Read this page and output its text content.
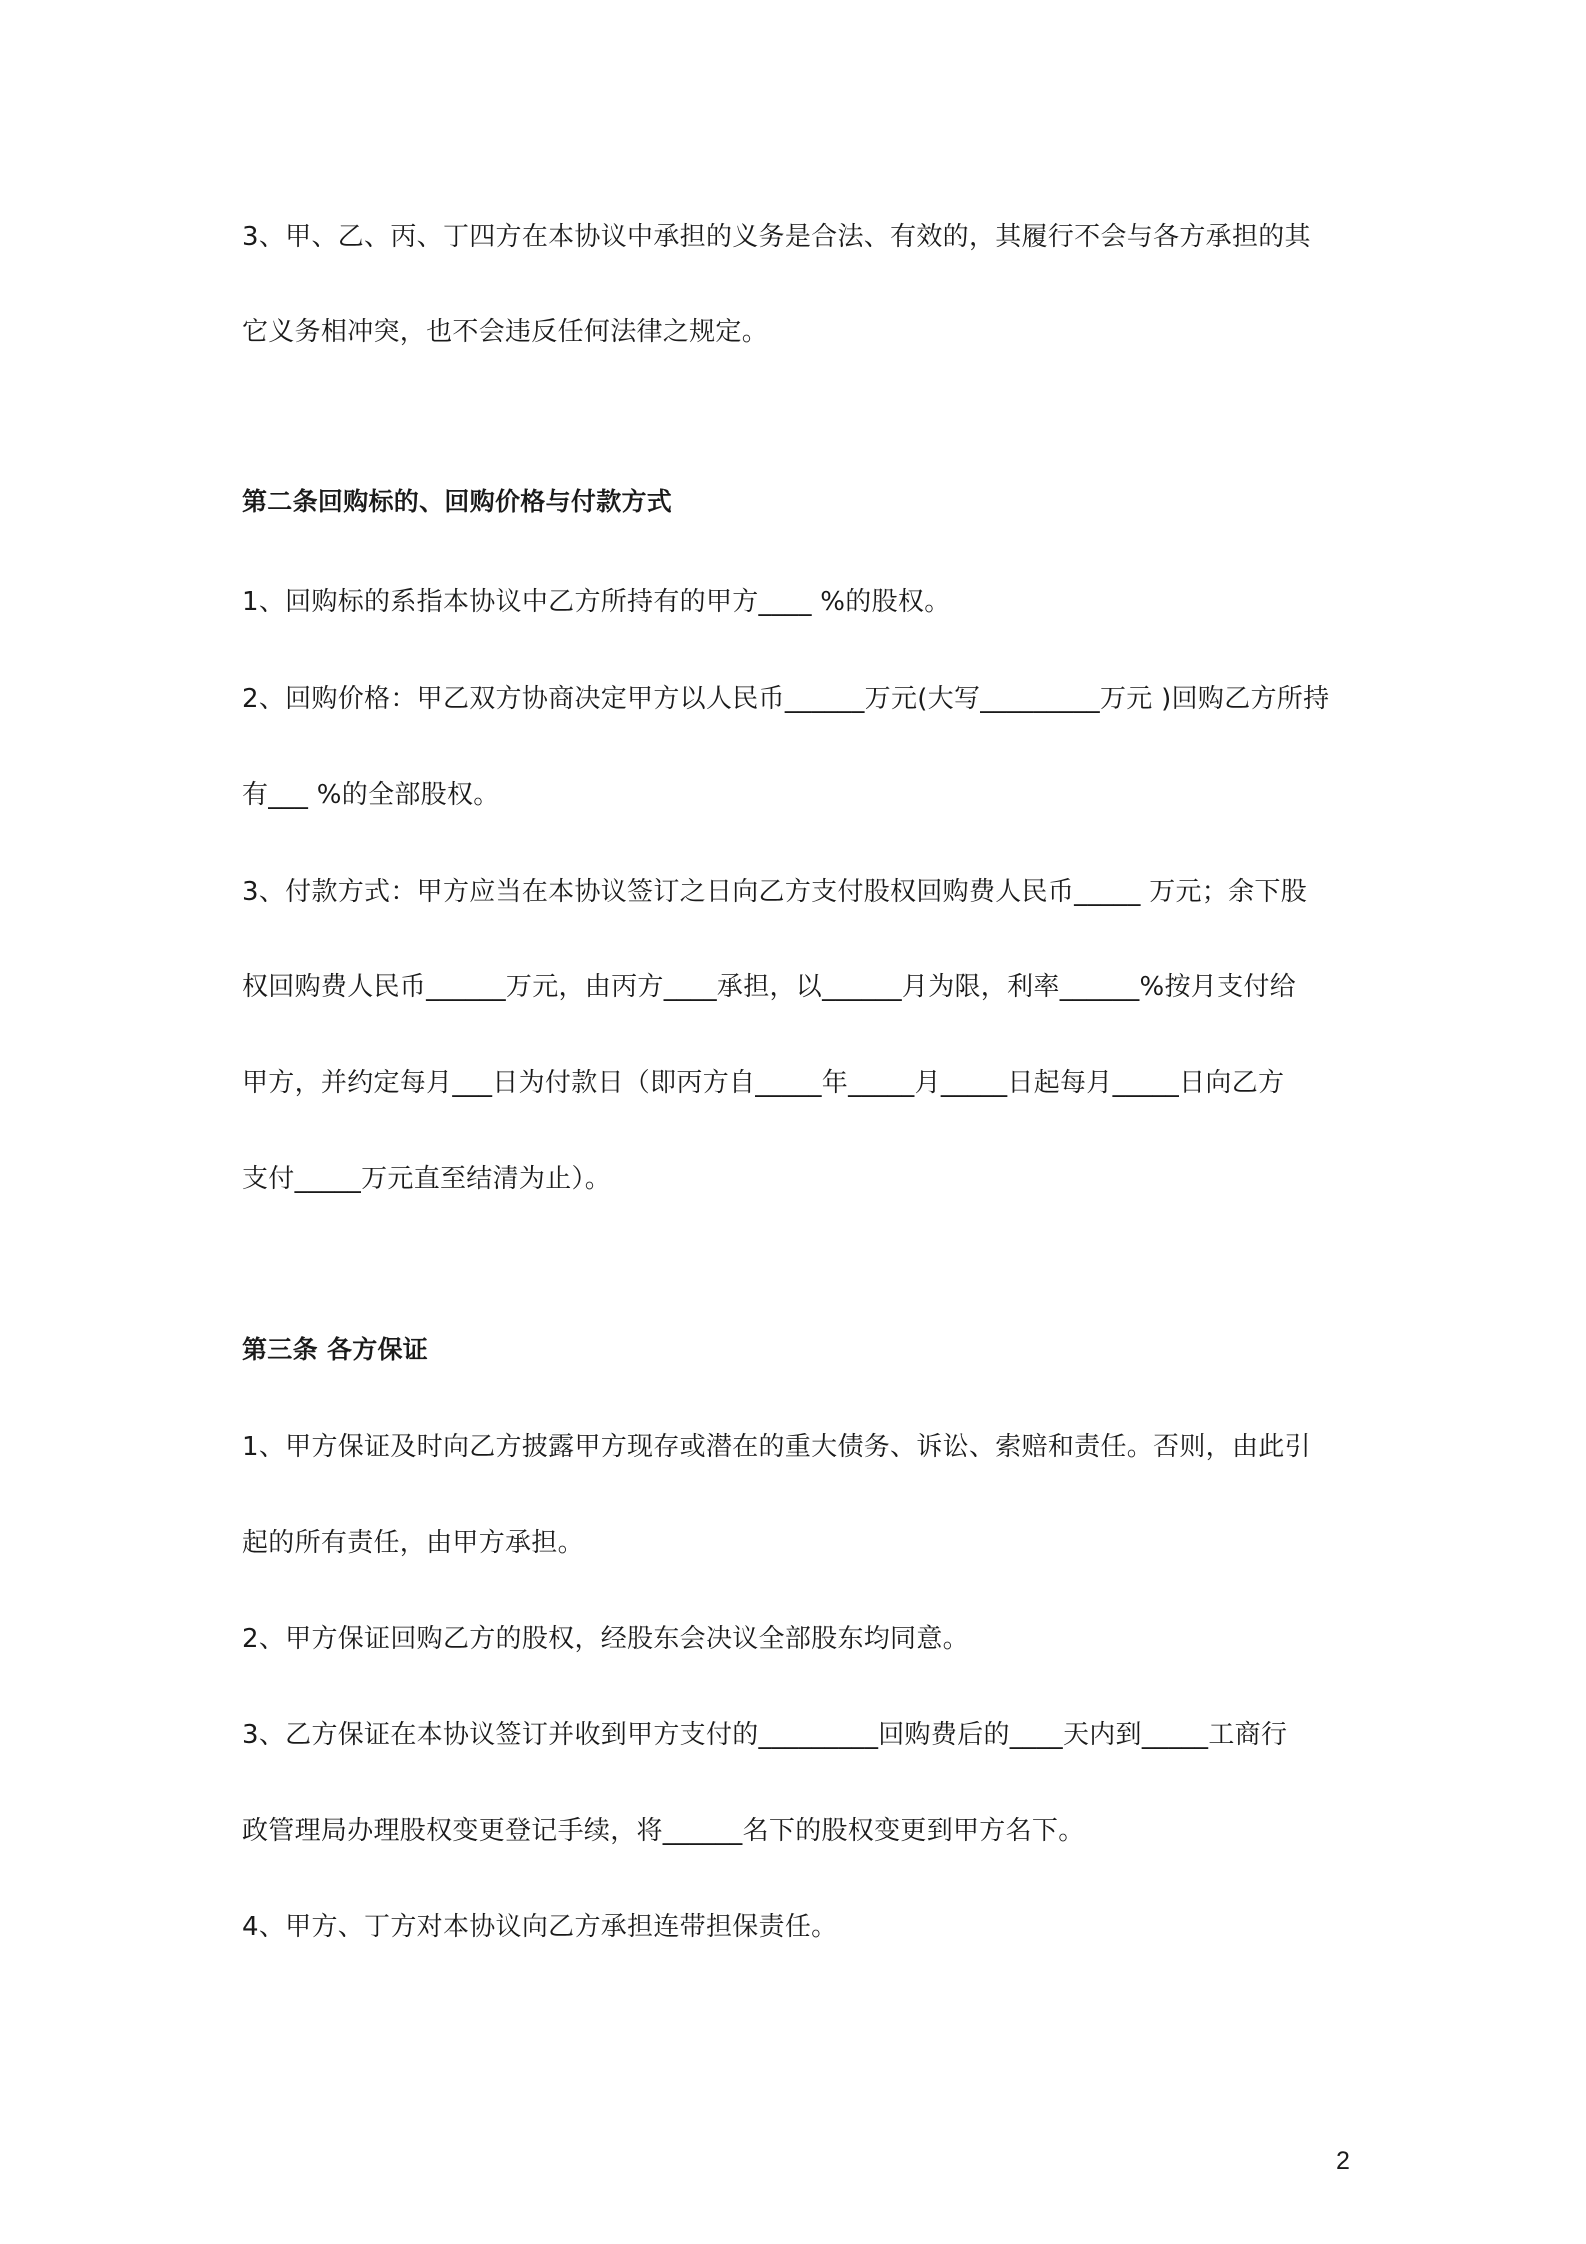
3、甲、乙、丙、丁四方在本协议中承担的义务是合法、有效的，其履行不会与各方承担的其
它义务相冲突，也不会违反任何法律之规定。
第二条回购标的、回购价格与付款方式
1、回购标的系指本协议中乙方所持有的甲方____ %的股权。
2、回购价格：甲乙双方协商决定甲方以人民币______万元(大写_________万元 )回购乙方所持
有___ %的全部股权。
3、付款方式：甲方应当在本协议签订之日向乙方支付股权回购费人民币_____ 万元；余下股
权回购费人民币______万元，由丙方____承担，以______月为限，利率______%按月支付给
甲方，并约定每月___日为付款日（即丙方自_____年_____月_____日起每月_____日向乙方
支付_____万元直至结清为止）。
第三条 各方保证
1、甲方保证及时向乙方披露甲方现存或潜在的重大债务、诉讼、索赔和责任。否则，由此引
起的所有责任，由甲方承担。
2、甲方保证回购乙方的股权，经股东会决议全部股东均同意。
3、乙方保证在本协议签订并收到甲方支付的_________回购费后的____天内到_____工商行
政管理局办理股权变更登记手续，将______名下的股权变更到甲方名下。
4、甲方、丁方对本协议向乙方承担连带担保责任。
2
